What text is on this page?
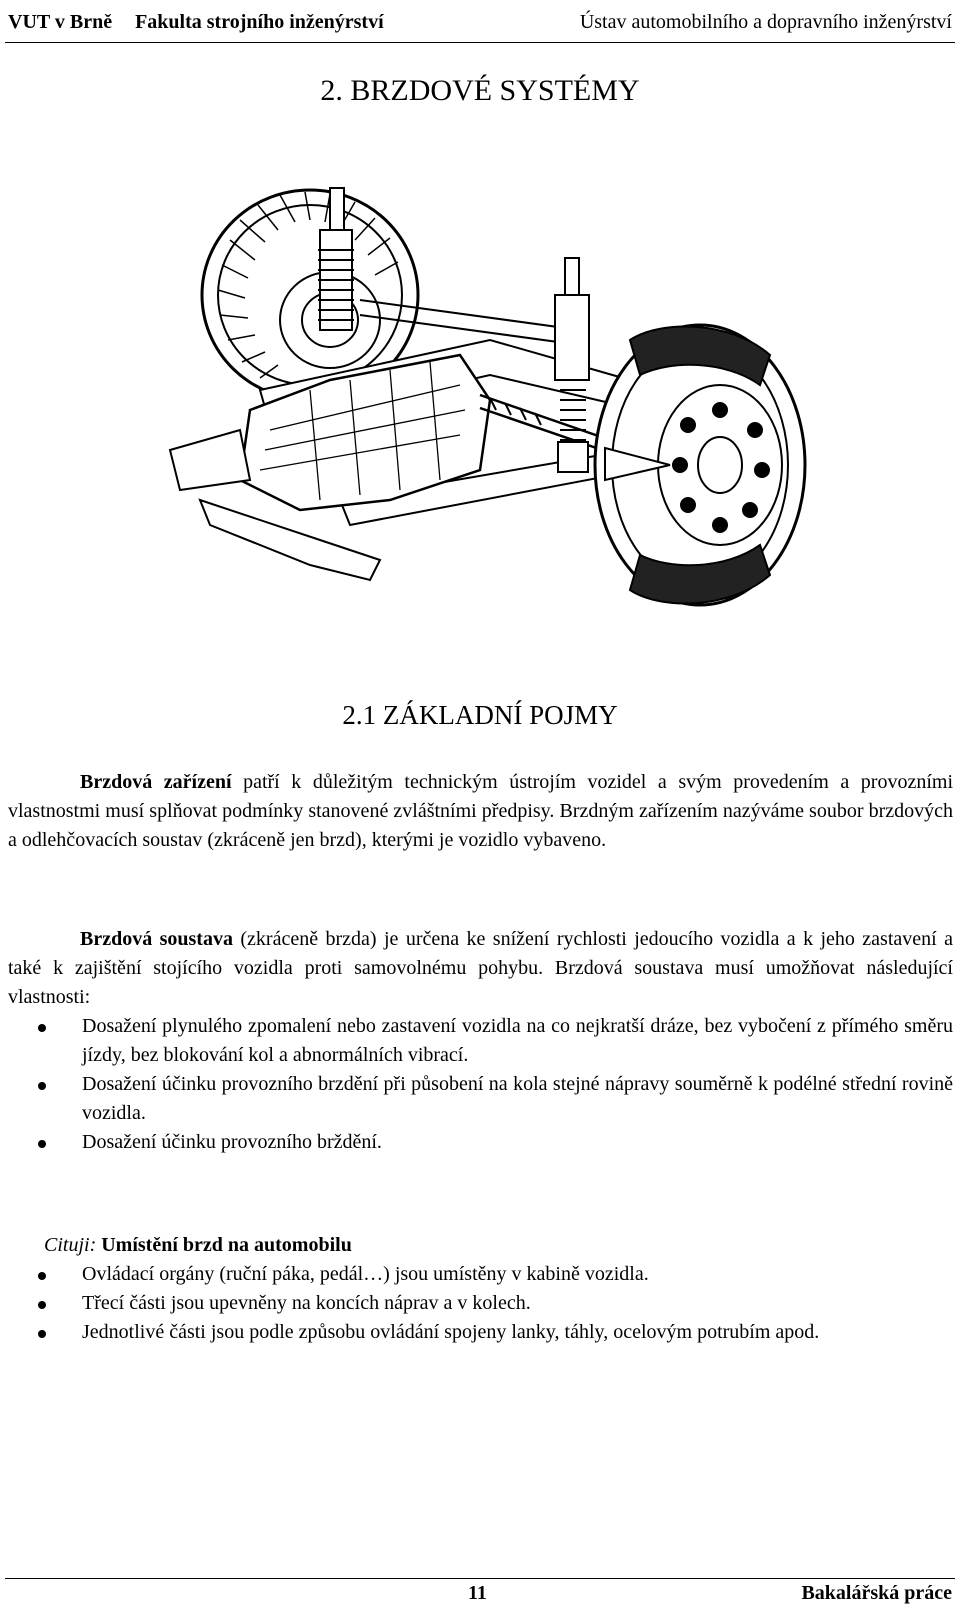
VUT v Brně Fakulta strojního inženýrství	Ústav automobilního a dopravního inženýrství
2. BRZDOVÉ SYSTÉMY
2.1 ZÁKLADNÍ POJMY

Brzdová zařízení patří k důležitým technickým ústrojím vozidel a svým provedením a provozními vlastnostmi musí splňovat podmínky stanovené zvláštními předpisy. Brzdným zařízením nazýváme soubor brzdových a odlehčovacích soustav (zkráceně jen brzd), kterými je vozidlo vybaveno.

Brzdová soustava (zkráceně brzda) je určena ke snížení rychlosti jedoucího vozidla a k jeho zastavení a také k zajištění stojícího vozidla proti samovolnému pohybu. Brzdová soustava musí umožňovat následující vlastnosti:

Dosažení plynulého zpomalení nebo zastavení vozidla na co nejkratší dráze, bez vybočení z přímého směru jízdy, bez blokování kol a abnormálních vibrací.
Dosažení účinku provozního brzdění při působení na kola stejné nápravy souměrně k podélné střední rovině vozidla.
Dosažení účinku provozního brždění.
Cituji: Umístění brzd na automobilu
Ovládací orgány (ruční páka, pedál…) jsou umístěny v kabině vozidla.
Třecí části jsou upevněny na koncích náprav a v kolech.
Jednotlivé části jsou podle způsobu ovládání spojeny lanky, táhly, ocelovým potrubím apod.
11	Bakalářská práce
